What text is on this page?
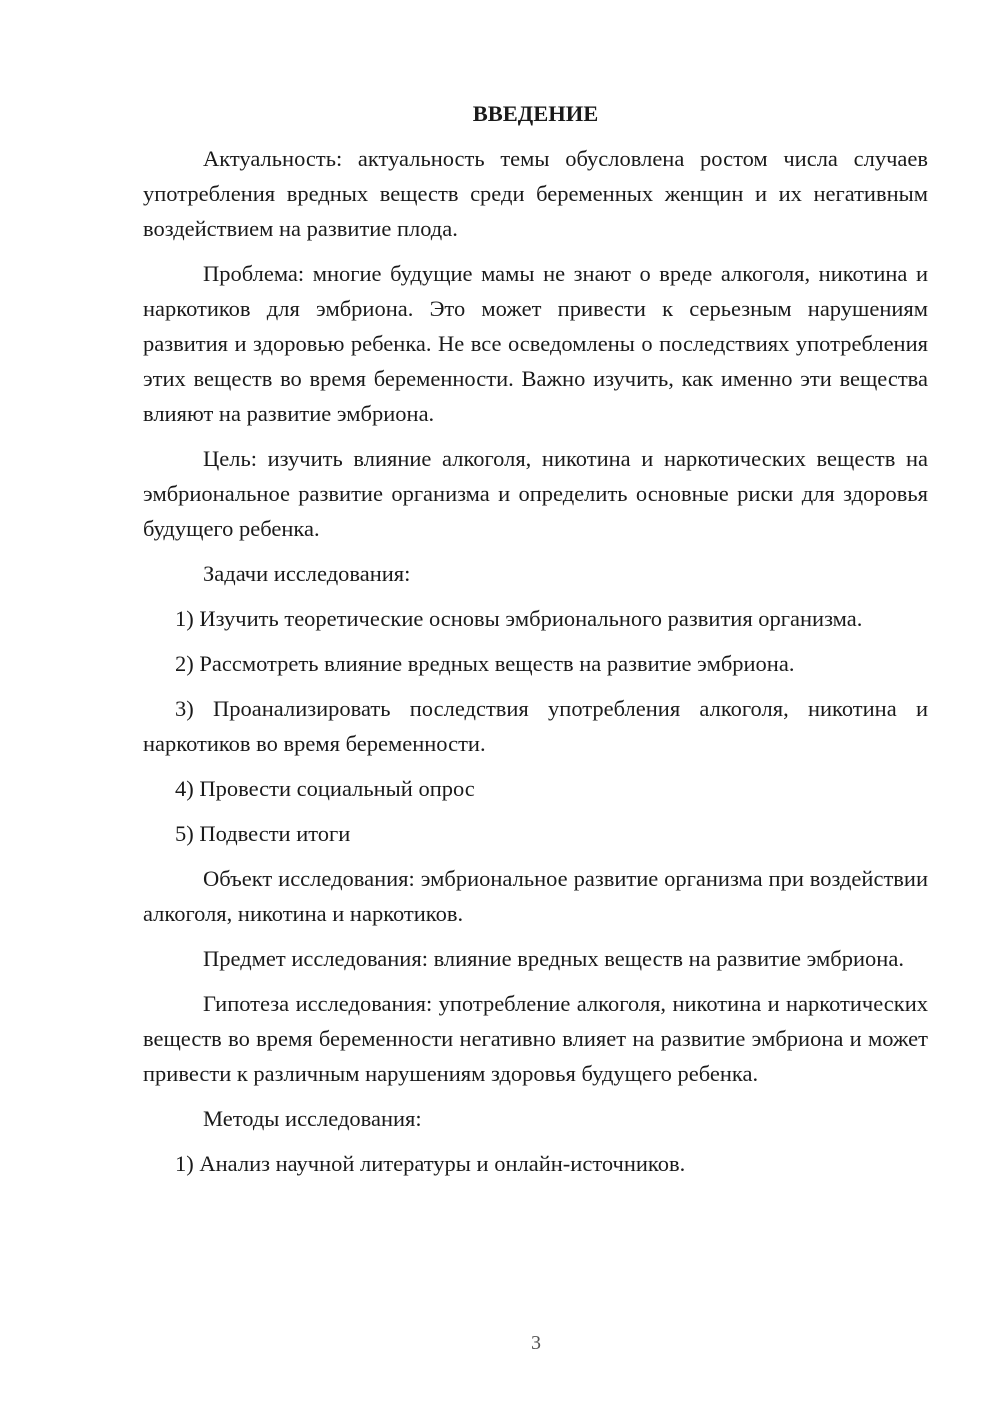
ВВЕДЕНИЕ

Актуальность: актуальность темы обусловлена ростом числа случаев употребления вредных веществ среди беременных женщин и их негативным воздействием на развитие плода.

Проблема: многие будущие мамы не знают о вреде алкоголя, никотина и наркотиков для эмбриона. Это может привести к серьезным нарушениям развития и здоровью ребенка. Не все осведомлены о последствиях употребления этих веществ во время беременности. Важно изучить, как именно эти вещества влияют на развитие эмбриона.

Цель: изучить влияние алкоголя, никотина и наркотических веществ на эмбриональное развитие организма и определить основные риски для здоровья будущего ребенка.

Задачи исследования:

1) Изучить теоретические основы эмбрионального развития организма.

2) Рассмотреть влияние вредных веществ на развитие эмбриона.

3) Проанализировать последствия употребления алкоголя, никотина и наркотиков во время беременности.

4) Провести социальный опрос

5) Подвести итоги

Объект исследования: эмбриональное развитие организма при воздействии алкоголя, никотина и наркотиков.

Предмет исследования: влияние вредных веществ на развитие эмбриона.

Гипотеза исследования: употребление алкоголя, никотина и наркотических веществ во время беременности негативно влияет на развитие эмбриона и может привести к различным нарушениям здоровья будущего ребенка.

Методы исследования:

1) Анализ научной литературы и онлайн-источников.

3
